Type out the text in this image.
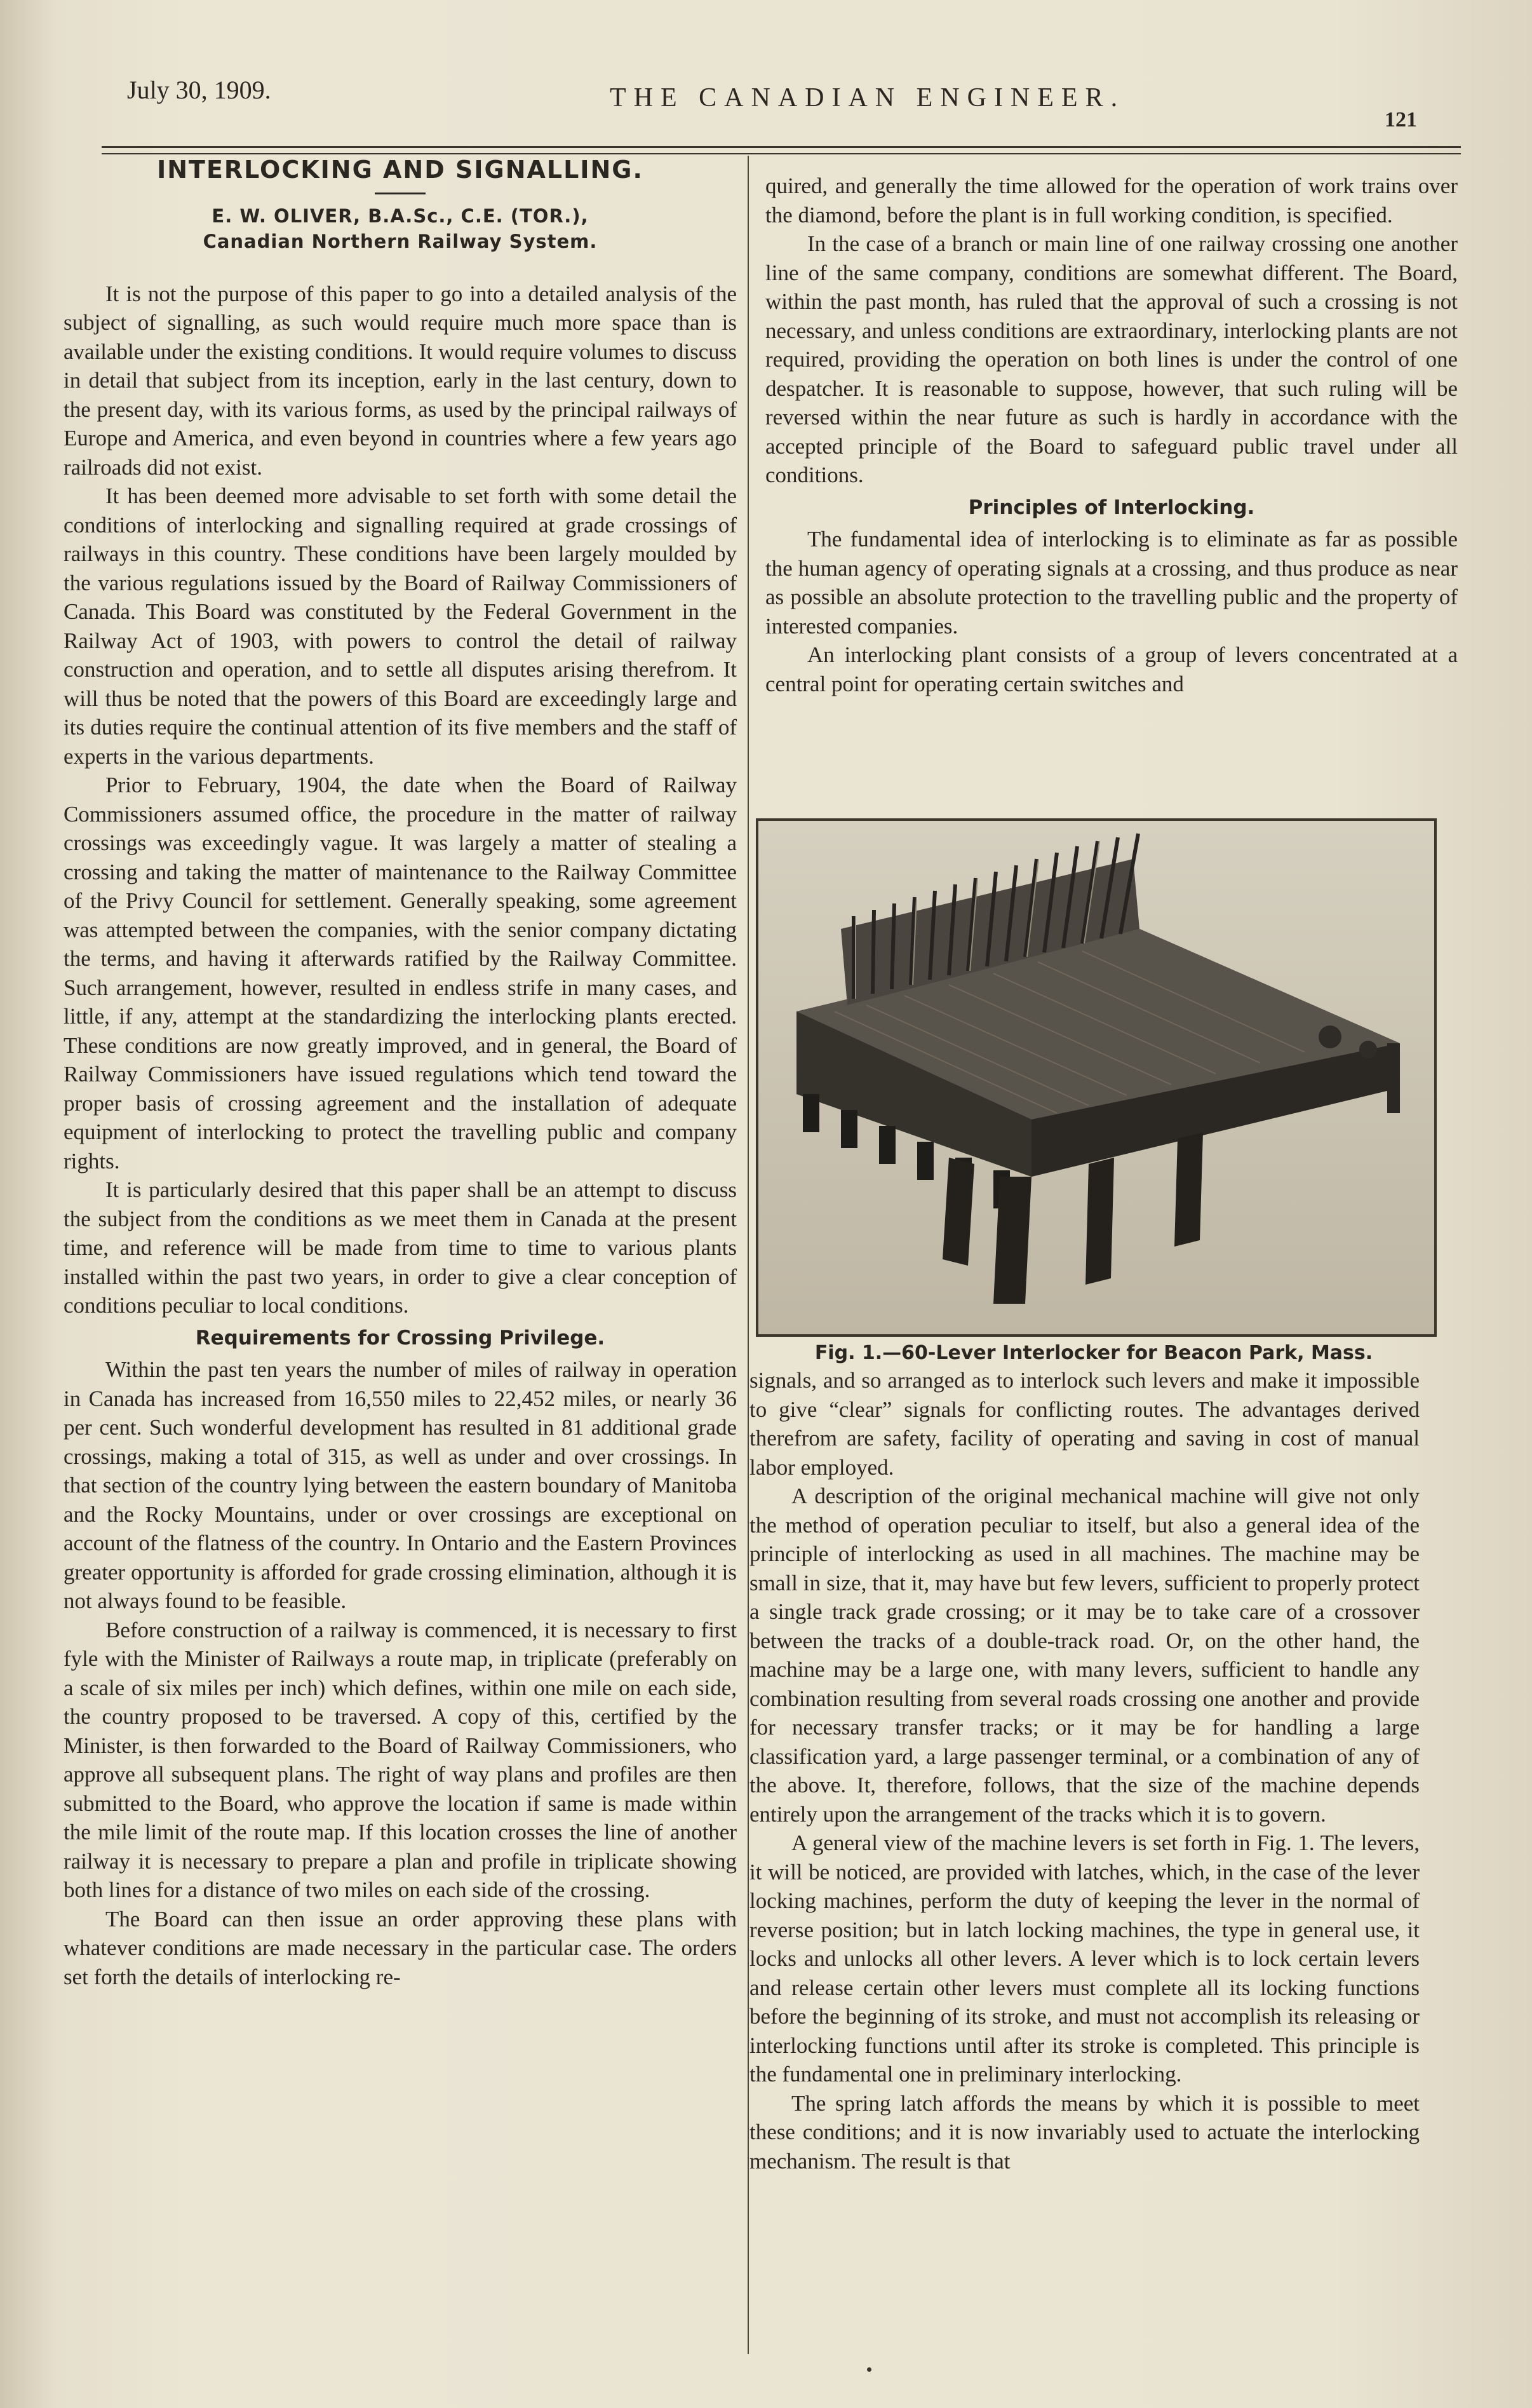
July 30, 1909.	THE CANADIAN ENGINEER.
121
INTERLOCKING AND SIGNALLING.
E. W. OLIVER, B.A.Sc., C.E. (TOR.),
Canadian Northern Railway System.

It is not the purpose of this paper to go into a detailed analysis of the subject of signalling, as such would require much more space than is available under the existing conditions. It would require volumes to discuss in detail that subject from its inception, early in the last century, down to the present day, with its various forms, as used by the principal railways of Europe and America, and even beyond in countries where a few years ago railroads did not exist.

It has been deemed more advisable to set forth with some detail the conditions of interlocking and signalling required at grade crossings of railways in this country. These conditions have been largely moulded by the various regulations issued by the Board of Railway Commissioners of Canada. This Board was constituted by the Federal Government in the Railway Act of 1903, with powers to control the detail of railway construction and operation, and to settle all disputes arising therefrom. It will thus be noted that the powers of this Board are exceedingly large and its duties require the continual attention of its five members and the staff of experts in the various departments.

Prior to February, 1904, the date when the Board of Railway Commissioners assumed office, the procedure in the matter of railway crossings was exceedingly vague. It was largely a matter of stealing a crossing and taking the matter of maintenance to the Railway Committee of the Privy Council for settlement. Generally speaking, some agreement was attempted between the companies, with the senior company dictating the terms, and having it afterwards ratified by the Railway Committee. Such arrangement, however, resulted in endless strife in many cases, and little, if any, attempt at the standardizing the interlocking plants erected. These conditions are now greatly improved, and in general, the Board of Railway Commissioners have issued regulations which tend toward the proper basis of crossing agreement and the installation of adequate equipment of interlocking to protect the travelling public and company rights.

It is particularly desired that this paper shall be an attempt to discuss the subject from the conditions as we meet them in Canada at the present time, and reference will be made from time to time to various plants installed within the past two years, in order to give a clear conception of conditions peculiar to local conditions.

Requirements for Crossing Privilege.

Within the past ten years the number of miles of railway in operation in Canada has increased from 16,550 miles to 22,452 miles, or nearly 36 per cent. Such wonderful development has resulted in 81 additional grade crossings, making a total of 315, as well as under and over crossings. In that section of the country lying between the eastern boundary of Manitoba and the Rocky Mountains, under or over crossings are exceptional on account of the flatness of the country. In Ontario and the Eastern Provinces greater opportunity is afforded for grade crossing elimination, although it is not always found to be feasible.

Before construction of a railway is commenced, it is necessary to first fyle with the Minister of Railways a route map, in triplicate (preferably on a scale of six miles per inch) which defines, within one mile on each side, the country proposed to be traversed. A copy of this, certified by the Minister, is then forwarded to the Board of Railway Commissioners, who approve all subsequent plans. The right of way plans and profiles are then submitted to the Board, who approve the location if same is made within the mile limit of the route map. If this location crosses the line of another railway it is necessary to prepare a plan and profile in triplicate showing both lines for a distance of two miles on each side of the crossing.

The Board can then issue an order approving these plans with whatever conditions are made necessary in the particular case. The orders set forth the details of interlocking re-

quired, and generally the time allowed for the operation of work trains over the diamond, before the plant is in full working condition, is specified.

In the case of a branch or main line of one railway crossing one another line of the same company, conditions are somewhat different. The Board, within the past month, has ruled that the approval of such a crossing is not necessary, and unless conditions are extraordinary, interlocking plants are not required, providing the operation on both lines is under the control of one despatcher. It is reasonable to suppose, however, that such ruling will be reversed within the near future as such is hardly in accordance with the accepted principle of the Board to safeguard public travel under all conditions.

Principles of Interlocking.

The fundamental idea of interlocking is to eliminate as far as possible the human agency of operating signals at a crossing, and thus produce as near as possible an absolute protection to the travelling public and the property of interested companies.

An interlocking plant consists of a group of levers concentrated at a central point for operating certain switches and

Fig. 1.—60-Lever Interlocker for Beacon Park, Mass.

signals, and so arranged as to interlock such levers and make it impossible to give “clear” signals for conflicting routes. The advantages derived therefrom are safety, facility of operating and saving in cost of manual labor employed.

A description of the original mechanical machine will give not only the method of operation peculiar to itself, but also a general idea of the principle of interlocking as used in all machines. The machine may be small in size, that it, may have but few levers, sufficient to properly protect a single track grade crossing; or it may be to take care of a crossover between the tracks of a double-track road. Or, on the other hand, the machine may be a large one, with many levers, sufficient to handle any combination resulting from several roads crossing one another and provide for necessary transfer tracks; or it may be for handling a large classification yard, a large passenger terminal, or a combination of any of the above. It, therefore, follows, that the size of the machine depends entirely upon the arrangement of the tracks which it is to govern.

A general view of the machine levers is set forth in Fig. 1. The levers, it will be noticed, are provided with latches, which, in the case of the lever locking machines, perform the duty of keeping the lever in the normal of reverse position; but in latch locking machines, the type in general use, it locks and unlocks all other levers. A lever which is to lock certain levers and release certain other levers must complete all its locking functions before the beginning of its stroke, and must not accomplish its releasing or interlocking functions until after its stroke is completed. This principle is the fundamental one in preliminary interlocking.

The spring latch affords the means by which it is possible to meet these conditions; and it is now invariably used to actuate the interlocking mechanism. The result is that
